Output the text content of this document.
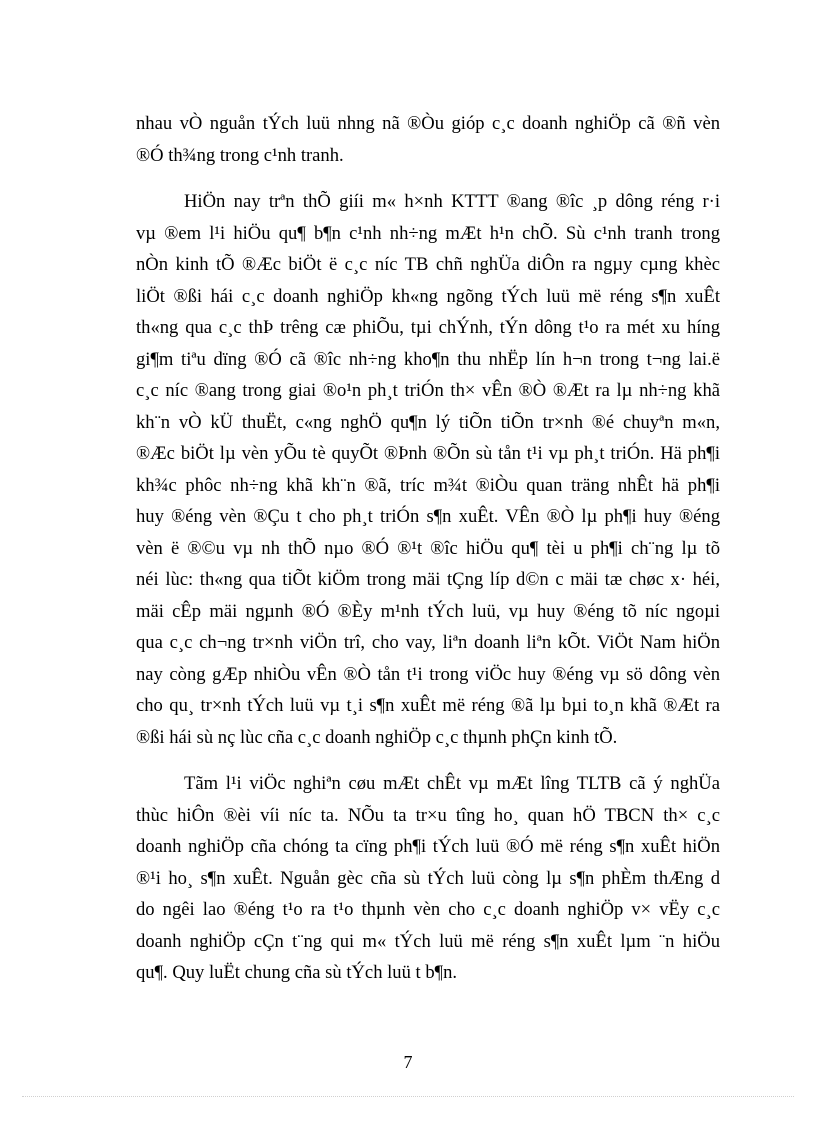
nhau vÒ nguån tÝch luü nhng nã ®Òu gióp c¸c doanh nghiÖp cã ®ñ vèn
®Ó th¾ng trong c¹nh tranh.

HiÖn nay trªn thÕ giíi m« h×nh KTTT ®ang ®îc ¸p dông réng r·i
vµ ®em l¹i hiÖu qu¶ b¶n c¹nh nh÷ng mÆt h¹n chÕ. Sù c¹nh tranh trong
nÒn kinh tÕ ®Æc biÖt ë c¸c níc TB chñ nghÜa diÔn ra ngµy cµng khèc
liÖt ®ßi hái c¸c doanh nghiÖp kh«ng ngõng tÝch luü më réng s¶n xuÊt
th«ng qua c¸c thÞ trêng cæ phiÕu, tµi chÝnh, tÝn dông t¹o ra mét xu híng
gi¶m tiªu dïng ®Ó cã ®îc nh÷ng kho¶n thu nhËp lín h¬n trong t¬ng lai.ë
c¸c níc ®ang trong giai ®o¹n ph¸t triÓn th× vÊn ®Ò ®Æt ra lµ nh÷ng khã
kh¨n vÒ kÜ thuËt, c«ng nghÖ qu¶n lý tiÕn tiÕn tr×nh ®é chuyªn m«n,
®Æc biÖt lµ vèn yÕu tè quyÕt ®Þnh ®Õn sù tån t¹i vµ ph¸t triÓn. Hä ph¶i
kh¾c phôc nh÷ng khã kh¨n ®ã, tríc m¾t ®iÒu quan träng nhÊt hä ph¶i
huy ®éng vèn ®Çu t cho ph¸t triÓn s¶n xuÊt. VÊn ®Ò lµ ph¶i huy ®éng
vèn ë ®©u vµ nh thÕ nµo ®Ó ®¹t ®îc hiÖu qu¶ tèi u ph¶i ch¨ng lµ tõ
néi lùc: th«ng qua tiÕt kiÖm trong mäi tÇng líp d©n c mäi tæ chøc x· héi,
mäi cÊp mäi ngµnh ®Ó ®Èy m¹nh tÝch luü, vµ huy ®éng tõ níc ngoµi
qua c¸c ch¬ng tr×nh viÖn trî, cho vay, liªn doanh liªn kÕt. ViÖt Nam hiÖn
nay còng gÆp nhiÒu vÊn ®Ò tån t¹i trong viÖc huy ®éng vµ sö dông vèn
cho qu¸ tr×nh tÝch luü vµ t¸i s¶n xuÊt më réng ®ã lµ bµi to¸n khã ®Æt ra
®ßi hái sù nç lùc cña c¸c doanh nghiÖp c¸c thµnh phÇn kinh tÕ.

Tãm l¹i viÖc nghiªn cøu mÆt chÊt vµ mÆt lîng TLTB cã ý nghÜa
thùc hiÔn ®èi víi níc ta. NÕu ta tr×u tîng ho¸ quan hÖ TBCN th× c¸c
doanh nghiÖp cña chóng ta cïng ph¶i tÝch luü ®Ó më réng s¶n xuÊt hiÖn
®¹i ho¸ s¶n xuÊt. Nguån gèc cña sù tÝch luü còng lµ s¶n phÈm thÆng d
do ngêi lao ®éng t¹o ra t¹o thµnh vèn cho c¸c doanh nghiÖp v× vËy c¸c
doanh nghiÖp cÇn t¨ng qui m« tÝch luü më réng s¶n xuÊt lµm ¨n hiÖu
qu¶. Quy luËt chung cña sù tÝch luü t b¶n.

7
